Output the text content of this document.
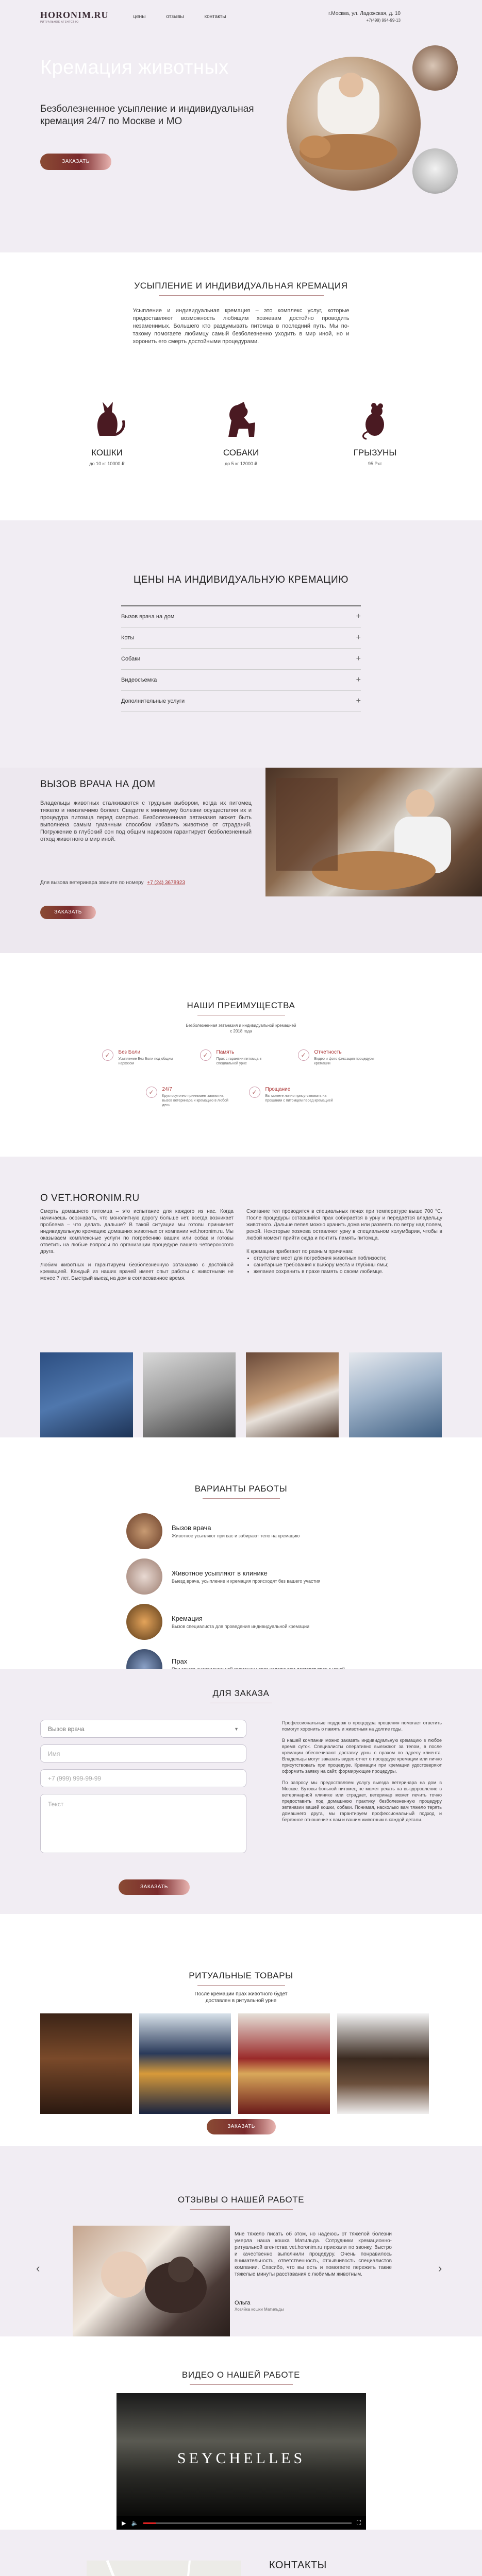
HORONIM.RU
РИТУАЛЬНОЕ АГЕНТСТВО
цены	отзывы	контакты
г.Москва, ул. Ладожская, д. 10
+7(499) 994-99-13
Кремация животных

Безболезненное усыпление и индивидуальная кремация 24/7 по Москве и МО

ЗАКАЗАТЬ
УСЫПЛЕНИЕ И ИНДИВИДУАЛЬНАЯ КРЕМАЦИЯ

Усыпление и индивидуальная кремация – это комплекс услуг, которые предоставляют возможность любящим хозяевам достойно проводить незаменимых. Большего кто раздумывать питомца в последний путь. Мы по-такому помогаете любимцу самый безболезненно уходить в мир иной, но и хоронить его смерть достойными процедурами.

КОШКИ
до 10 кг 10000 ₽
СОБАКИ
до 5 кг 12000 ₽
ГРЫЗУНЫ
95 Рхт
ЦЕНЫ НА ИНДИВИДУАЛЬНУЮ КРЕМАЦИЮ
Вызов врача на дом	+
Коты	+
Собаки	+
Видеосъемка	+
Дополнительные услуги	+
ВЫЗОВ ВРАЧА НА ДОМ

Владельцы животных сталкиваются с трудным выбором, когда их питомец тяжело и неизлечимо болеет. Сведите к минимуму болезни осуществляя их и процедура питомца перед смертью. Безболезненная эвтаназия может быть выполнена самым гуманным способом избавить животное от страданий. Погружение в глубокий сон под общим наркозом гарантирует безболезненный отход животного в мир иной.

Для вызова ветеринара звоните по номеру +7 (24) 3678923
ЗАКАЗАТЬ
НАШИ ПРЕИМУЩЕСТВА

Безболезненная эвтаназия и индивидуальной кремацией с 2018 года

✓	Без Боли
Усыпление Без Боли под общим наркозом
✓	Память
Прах с гарантии питомца в специальной урне
✓	Отчетность
Видео и фото фиксация процедуры кремации
✓	24/7
Круглосуточно принимаем заявки на вызов ветеринара и кремацию в любой день
✓	Прощание
Вы можете лично присутствовать на прощании с питомцем перед кремацией
О VET.HORONIM.RU

Смерть домашнего питомца – это испытание для каждого из нас. Когда начинаешь осознавать, что монолитную дорогу больше нет, всегда возникает проблема – что делать дальше? В такой ситуации мы готовы принимает индивидуальную кремацию домашних животных от компании vet.horonim.ru. Мы оказываем комплексные услуги по погребению ваших или собак и готовы ответить на любые вопросы по организации процедуре вашего четвероногого друга.

Любим животных и гарантируем безболезненную эвтаназию с достойной кремацией. Каждый из наших врачей имеет опыт работы с животными не менее 7 лет. Быстрый выезд на дом в согласованное время.

Сжигание тел проводится в специальных печах при температуре выше 700 °С. После процедуры оставшийся прах собирается в урну и передаётся владельцу животного. Дальше пепел можно хранить дома или развеять по ветру над полем, рекой. Некоторые хозяева оставляют урну в специальном колумбарии, чтобы в любой момент прийти сюда и почтить память питомца.

К кремации прибегают по разным причинам:

• отсутствие мест для погребения животных поблизости;
• санитарные требования к выбору места и глубины ямы;
• желание сохранить в прахе память о своем любимце.
ВАРИАНТЫ РАБОТЫ
Вызов врача
Животное усыпляют при вас и забирают тело на кремацию
Животное усыпляют в клинике
Выезд врача, усыпление и кремация происходят без вашего участия
Кремация
Вызов специалиста для проведения индивидуальной кремации
Прах
ДЛЯ ЗАКАЗА
Вызов врача	▼
Имя
+7 (999) 999-99-99
Текст

Профессиональные поддерж в процедура прощения помогает ответить помогут хоронить о память и животным на долгие годы.

В нашей компании можно заказать индивидуальную кремацию в любое время суток. Специалисты оперативно выезжают за телом, в после кремации обеспечивают доставку урны с прахом по адресу клиента. Владельцы могут заказать видео-отчет о процедуре кремации или лично присутствовать при процедуре. Кремации при кремации удостоверяют оформить заявку на сайт, формирующие процедуры.

По запросу мы предоставляем услугу выезда ветеринара на дом в Москве. Бутовы больной питомец не может уехать на выздоровление в ветеринарной клинике или страдает, ветеринар может лечить точно предоставить под домашнюю практику безболезненную процедуру эвтаназии вашей кошки, собаки. Понимая, насколько вам тяжело терять домашнего друга, мы гарантируем профессиональный подход и бережное отношение к вам и вашим животным в каждой детали.

ЗАКАЗАТЬ
РИТУАЛЬНЫЕ ТОВАРЫ

После кремации прах животного будет доставлен в ритуальной урне

ЗАКАЗАТЬ
ОТЗЫВЫ О НАШЕЙ РАБОТЕ
‹	›

Мне тяжело писать об этом, но надеюсь от тяжелой болезни умерла наша кошка Матильда. Сотрудники кремационно-ритуальной агентства vet.horonim.ru приехали по звонку, быстро и качественно выполнили процедуру. Очень понравилось внимательность, ответственность, отзывчивость специалистов компании. Спасибо, что вы есть и помогаете пережить такие тяжелые минуты расставания с любимым животным.

Ольга
Хозяйка кошки Матильды
ВИДЕО О НАШЕЙ РАБОТЕ
SEYCHELLES
▶ 🔈	⛶
КОНТАКТЫ
